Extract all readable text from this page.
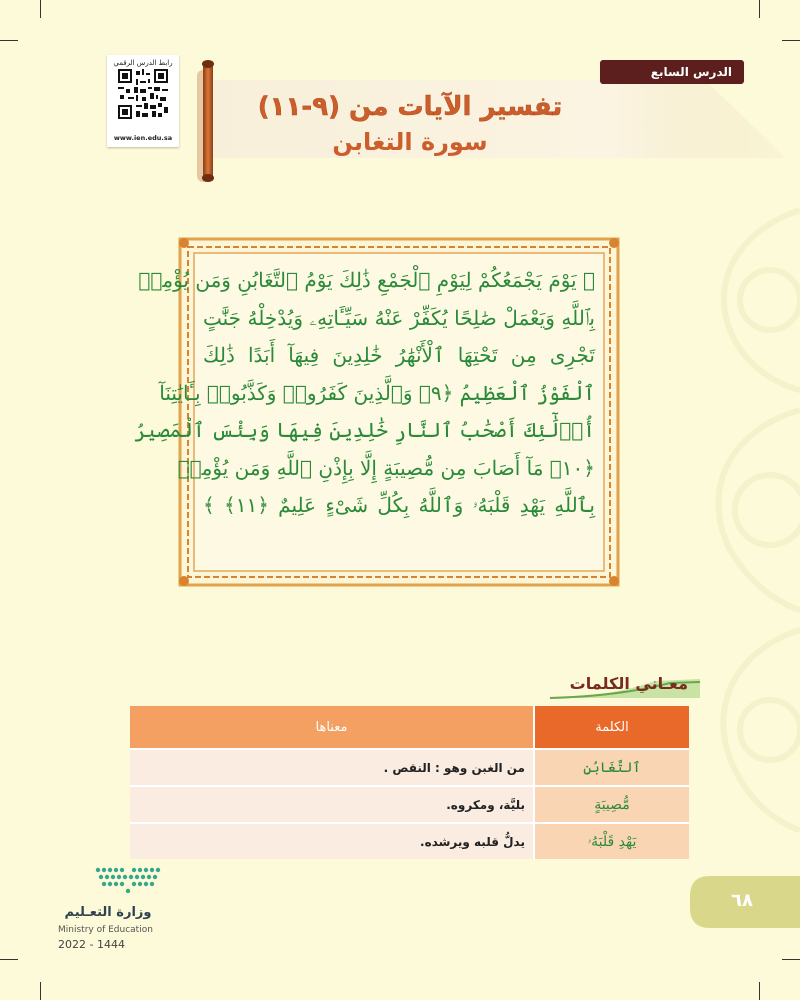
رابط الدرس الرقمي
www.ien.edu.sa
الدرس السابع
تفسير الآيات من (٩-١١)
سورة التغابن
﴿ يَوْمَ يَجْمَعُكُمْ لِيَوْمِ ٱلْجَمْعِ ذَٰلِكَ يَوْمُ ٱلتَّغَابُنِ وَمَن يُؤْمِنۢ
بِٱللَّهِ وَيَعْمَلْ صَٰلِحًا يُكَفِّرْ عَنْهُ سَيِّـَٔاتِهِۦ وَيُدْخِلْهُ جَنَّٰتٍ
تَجْرِى مِن تَحْتِهَا ٱلْأَنْهَٰرُ خَٰلِدِينَ فِيهَآ أَبَدًا ذَٰلِكَ
ٱلْفَوْزُ ٱلْعَظِيمُ ﴿٩﴾ وَٱلَّذِينَ كَفَرُوا۟ وَكَذَّبُوا۟ بِـَٔايَٰتِنَآ
أُو۟لَٰٓئِكَ أَصْحَٰبُ ٱلنَّارِ خَٰلِدِينَ فِيهَا وَبِئْسَ ٱلْمَصِيرُ
﴿١٠﴾ مَآ أَصَابَ مِن مُّصِيبَةٍ إِلَّا بِإِذْنِ ٱللَّهِ وَمَن يُؤْمِنۢ
بِٱللَّهِ يَهْدِ قَلْبَهُۥ وَٱللَّهُ بِكُلِّ شَىْءٍ عَلِيمٌ ﴿١١﴾ ﴾
معـاني الكلمات
الكلمة	معناها
ٱلتَّغَابُنِ	من الغبن وهو : النقص .
مُّصِيبَةٍ	بليَّة، ومكروه.
يَهْدِ قَلْبَهُۥ	يدلُّ قلبه ويرشده.
وزارة التعـليم
Ministry of Education
2022 - 1444
٦٨
